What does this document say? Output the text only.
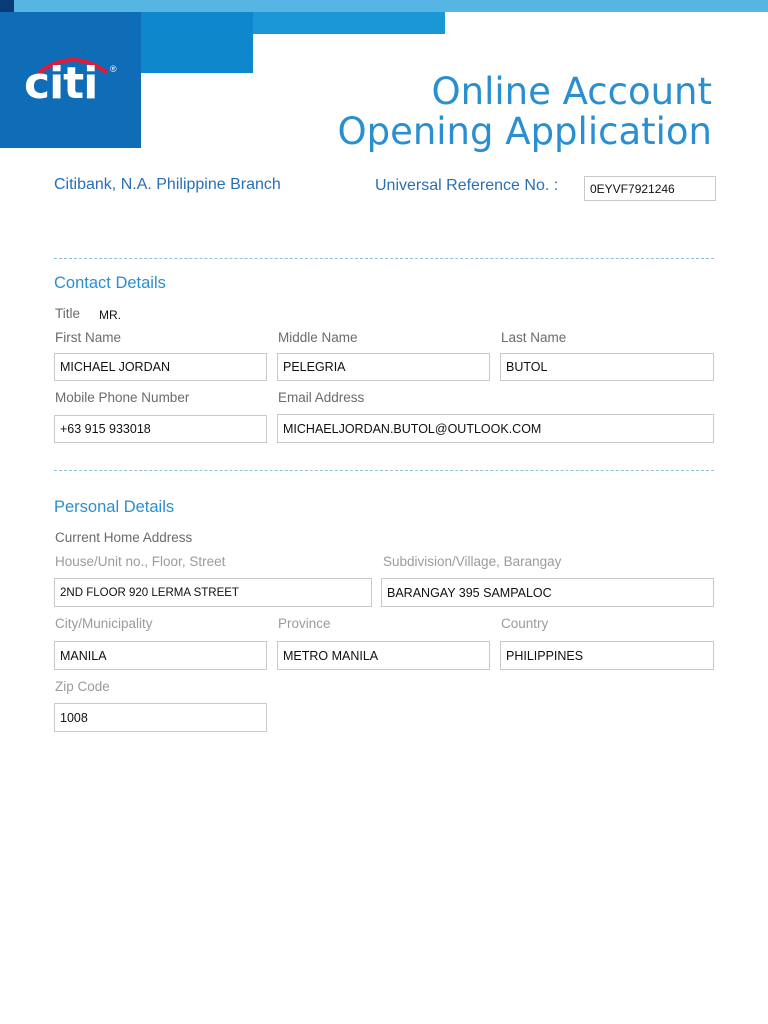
citi ®
Online Account
Opening Application
Citibank, N.A. Philippine Branch	Universal Reference No. :	0EYVF7921246
Contact Details
Title MR.
First Name	Middle Name	Last Name
MICHAEL JORDAN	PELEGRIA	BUTOL
Mobile Phone Number	Email Address
+63 915 933018	MICHAELJORDAN.BUTOL@OUTLOOK.COM
Personal Details
Current Home Address
House/Unit no., Floor, Street	Subdivision/Village, Barangay
2ND FLOOR 920 LERMA STREET	BARANGAY 395 SAMPALOC
City/Municipality	Province	Country
MANILA	METRO MANILA	PHILIPPINES
Zip Code
1008
